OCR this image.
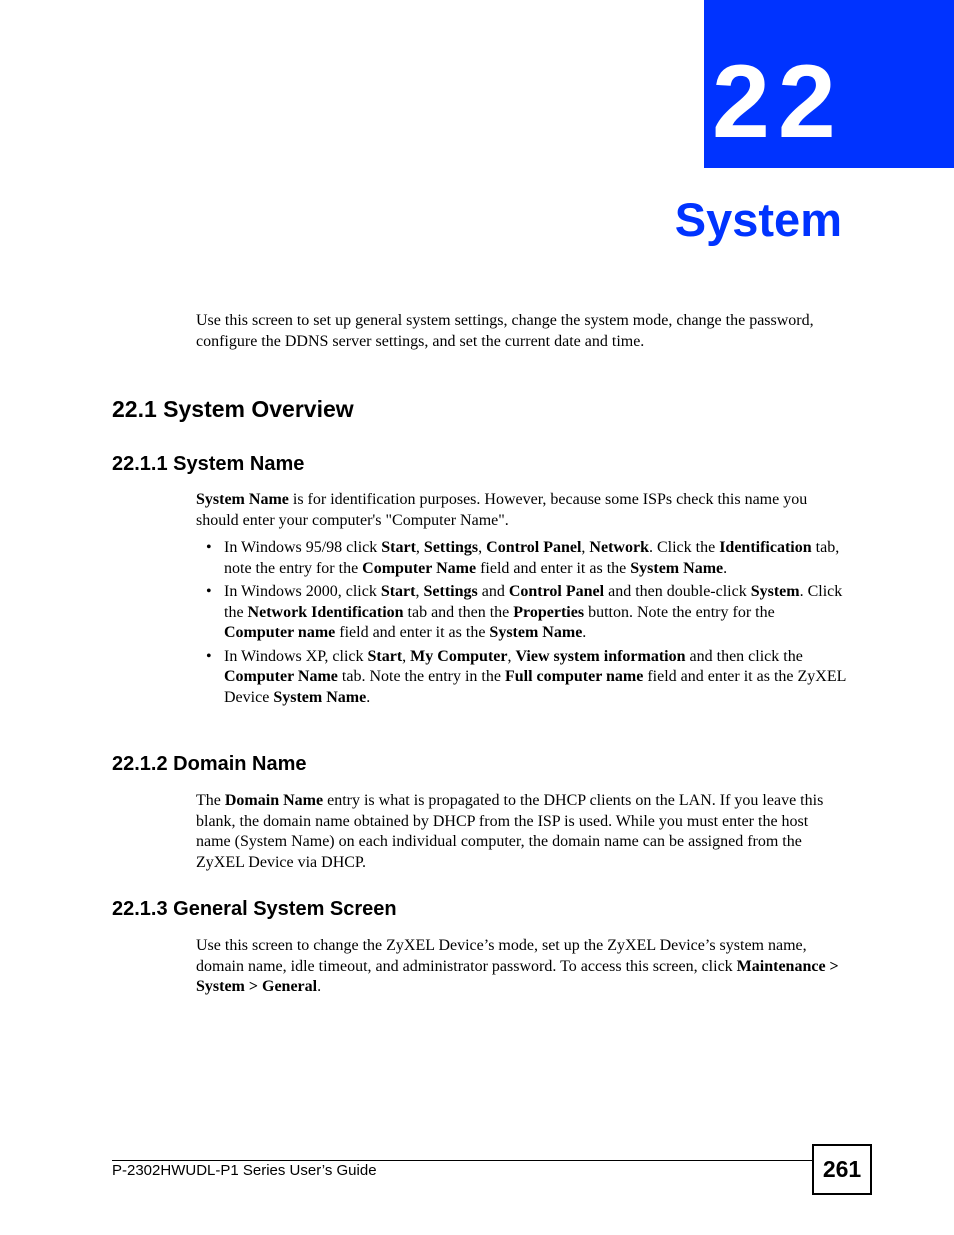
22
System

Use this screen to set up general system settings, change the system mode, change the password, configure the DDNS server settings, and set the current date and time.

22.1 System Overview
22.1.1 System Name

System Name is for identification purposes. However, because some ISPs check this name you should enter your computer's "Computer Name".

• In Windows 95/98 click Start, Settings, Control Panel, Network. Click the Identification tab, note the entry for the Computer Name field and enter it as the System Name.
• In Windows 2000, click Start, Settings and Control Panel and then double-click System. Click the Network Identification tab and then the Properties button. Note the entry for the Computer name field and enter it as the System Name.
• In Windows XP, click Start, My Computer, View system information and then click the Computer Name tab. Note the entry in the Full computer name field and enter it as the ZyXEL Device System Name.
22.1.2 Domain Name

The Domain Name entry is what is propagated to the DHCP clients on the LAN. If you leave this blank, the domain name obtained by DHCP from the ISP is used. While you must enter the host name (System Name) on each individual computer, the domain name can be assigned from the ZyXEL Device via DHCP.

22.1.3 General System Screen

Use this screen to change the ZyXEL Device’s mode, set up the ZyXEL Device’s system name, domain name, idle timeout, and administrator password. To access this screen, click Maintenance > System > General.

P-2302HWUDL-P1 Series User’s Guide	261
